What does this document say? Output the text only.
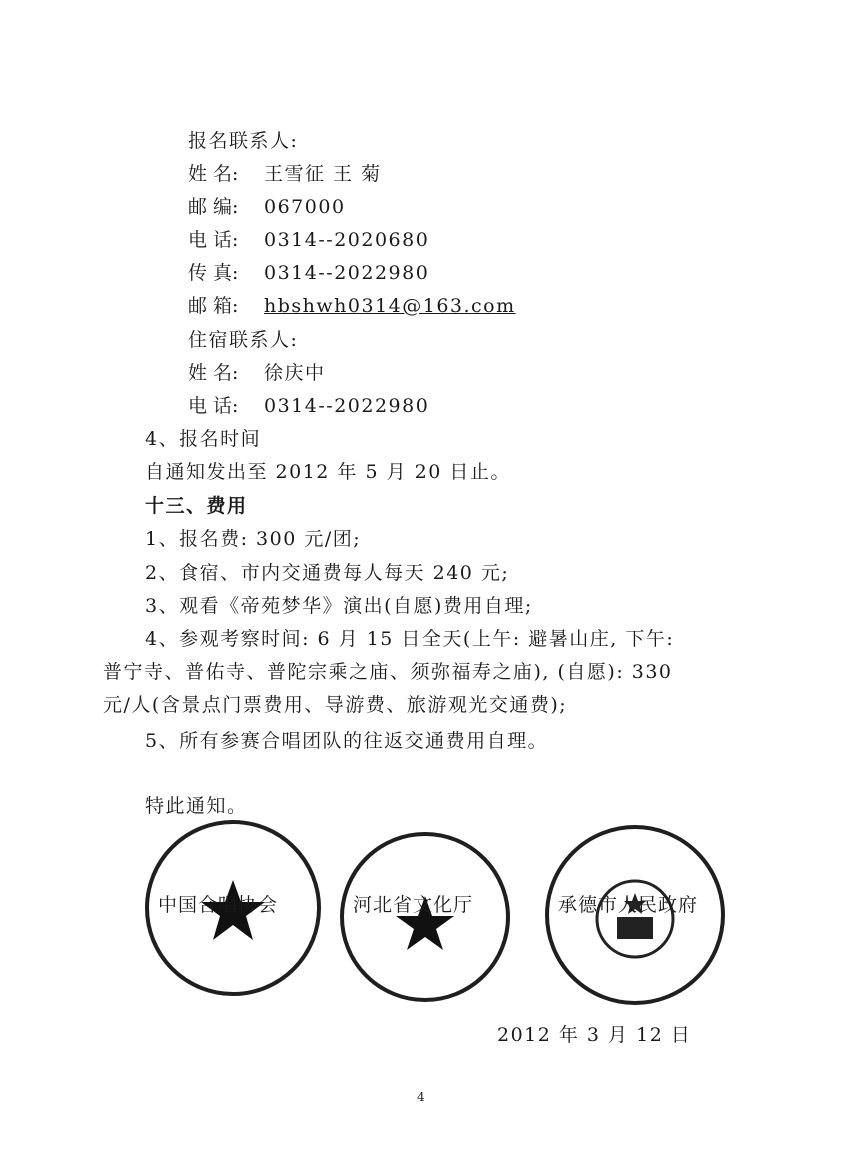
报名联系人:
姓 名: 王雪征 王 菊
邮 编: 067000
电 话: 0314--2020680
传 真: 0314--2022980
邮 箱: hbshwh0314@163.com
住宿联系人:
姓 名: 徐庆中
电 话: 0314--2022980
4、报名时间
自通知发出至 2012 年 5 月 20 日止。
十三、费用
1、报名费: 300 元/团;
2、食宿、市内交通费每人每天 240 元;
3、观看《帝苑梦华》演出(自愿)费用自理;
4、参观考察时间: 6 月 15 日全天(上午: 避暑山庄, 下午:
普宁寺、普佑寺、普陀宗乘之庙、须弥福寿之庙), (自愿): 330
元/人(含景点门票费用、导游费、旅游观光交通费);
5、所有参赛合唱团队的往返交通费用自理。
特此通知。
中国合唱协会	河北省文化厅	承德市人民政府
2012 年 3 月 12 日
4
